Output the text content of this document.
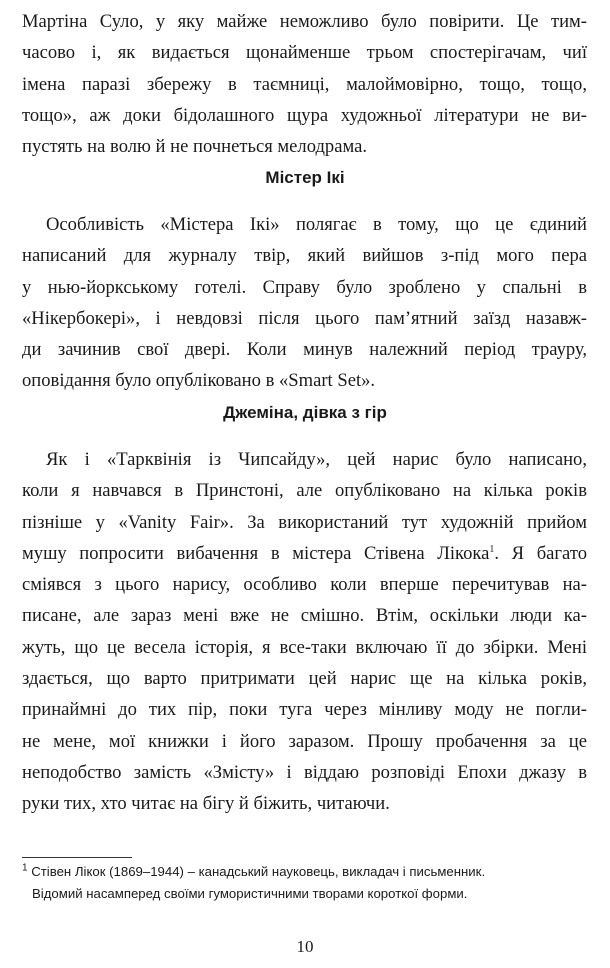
Мартіна Суло, у яку майже неможливо було повірити. Це тим-
часово і, як видається щонайменше трьом спостерігачам, чиї
імена паразі збережу в таємниці, малоймовірно, тощо, тощо,
тощо», аж доки бідолашного щура художньої літератури не ви-
пустять на волю й не почнеться мелодрама.

Містер Ікі

Особливість «Містера Ікі» полягає в тому, що це єдиний
написаний для журналу твір, який вийшов з-під мого пера
у нью-йоркському готелі. Справу було зроблено у спальні в
«Нікербокері», і невдовзі після цього пам’ятний заїзд назавж-
ди зачинив свої двері. Коли минув належний період трауру,
оповідання було опубліковано в «Smart Set».

Джеміна, дівка з гір

Як і «Тарквінія із Чипсайду», цей нарис було написано,
коли я навчався в Принстоні, але опубліковано на кілька років
пізніше у «Vanity Fair». За використаний тут художній прийом
мушу попросити вибачення в містера Стівена Лікока$^1$. Я багато
сміявся з цього нарису, особливо коли вперше перечитував на-
писане, але зараз мені вже не смішно. Втім, оскільки люди ка-
жуть, що це весела історія, я все-таки включаю її до збірки. Мені
здається, що варто притримати цей нарис ще на кілька років,
принаймні до тих пір, поки туга через мінливу моду не погли-
не мене, мої книжки і його заразом. Прошу пробачення за це
неподобство замість «Змісту» і віддаю розповіді Епохи джазу в
руки тих, хто читає на бігу й біжить, читаючи.

$^1$ Стівен Лікок (1869–1944) – канадський науковець, викладач і письменник.
Відомий насамперед своїми гумористичними творами короткої форми.
10
